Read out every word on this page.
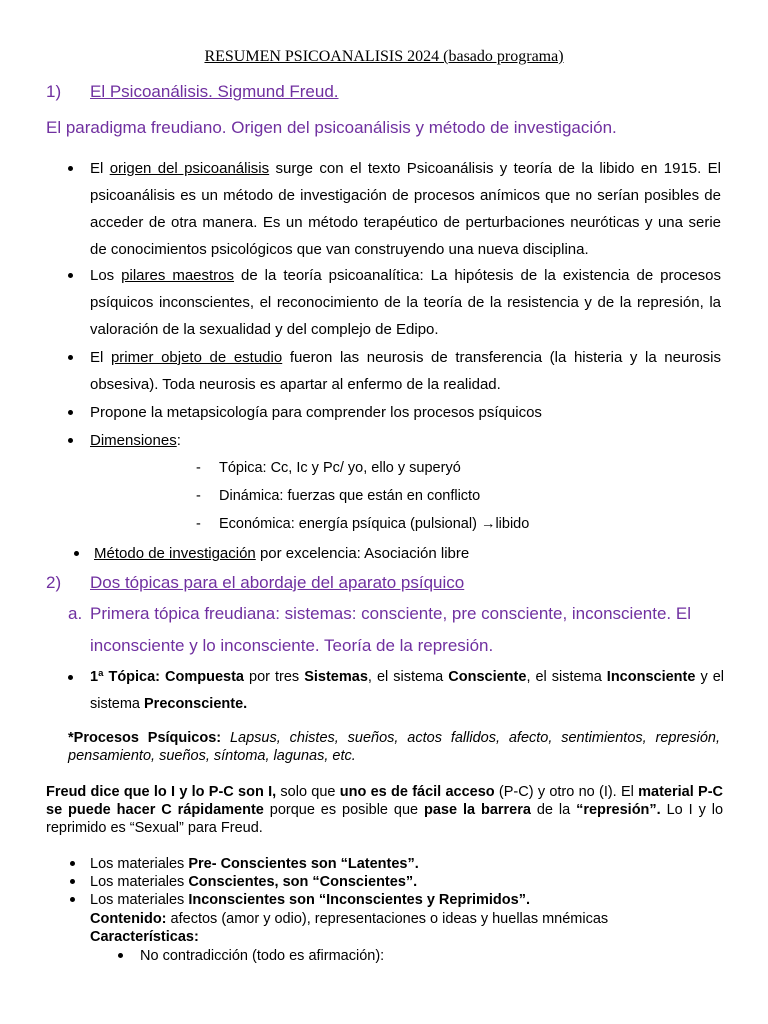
RESUMEN PSICOANALISIS 2024 (basado programa)
1) El Psicoanálisis. Sigmund Freud.
El paradigma freudiano. Origen del psicoanálisis y método de investigación.
El origen del psicoanálisis surge con el texto Psicoanálisis y teoría de la libido en 1915. El psicoanálisis es un método de investigación de procesos anímicos que no serían posibles de acceder de otra manera. Es un método terapéutico de perturbaciones neuróticas y una serie de conocimientos psicológicos que van construyendo una nueva disciplina.
Los pilares maestros de la teoría psicoanalítica: La hipótesis de la existencia de procesos psíquicos inconscientes, el reconocimiento de la teoría de la resistencia y de la represión, la valoración de la sexualidad y del complejo de Edipo.
El primer objeto de estudio fueron las neurosis de transferencia (la histeria y la neurosis obsesiva). Toda neurosis es apartar al enfermo de la realidad.
Propone la metapsicología para comprender los procesos psíquicos
Dimensiones:
- Tópica: Cc, Ic y Pc/ yo, ello y superyó
- Dinámica: fuerzas que están en conflicto
- Económica: energía psíquica (pulsional) →libido
Método de investigación por excelencia: Asociación libre
2) Dos tópicas para el abordaje del aparato psíquico
a. Primera tópica freudiana: sistemas: consciente, pre consciente, inconsciente. El
inconsciente y lo inconsciente. Teoría de la represión.
1ª Tópica: Compuesta por tres Sistemas, el sistema Consciente, el sistema Inconsciente y el sistema Preconsciente.
*Procesos Psíquicos: Lapsus, chistes, sueños, actos fallidos, afecto, sentimientos, represión, pensamiento, sueños, síntoma, lagunas, etc.
Freud dice que lo I y lo P-C son I, solo que uno es de fácil acceso (P-C) y otro no (I). El material P-C se puede hacer C rápidamente porque es posible que pase la barrera de la “represión”. Lo I y lo reprimido es “Sexual” para Freud.
Los materiales Pre- Conscientes son “Latentes”.
Los materiales Conscientes, son “Conscientes”.
Los materiales Inconscientes son “Inconscientes y Reprimidos”.
Contenido: afectos (amor y odio), representaciones o ideas y huellas mnémicas
Características:
No contradicción (todo es afirmación):
